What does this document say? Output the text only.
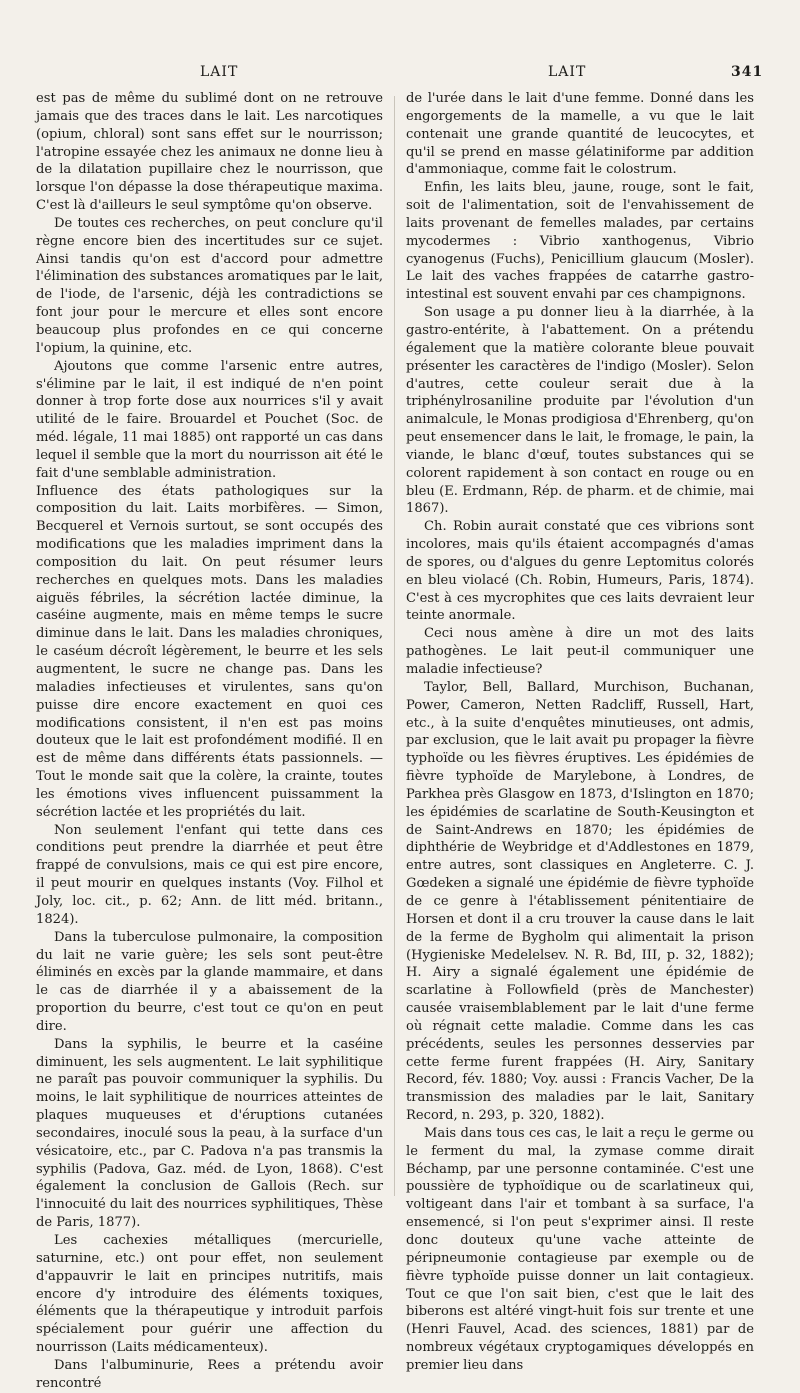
LAIT	LAIT	341

est pas de même du sublimé dont on ne retrouve jamais que des traces dans le lait. Les narcotiques (opium, chloral) sont sans effet sur le nourrisson; l'atropine essayée chez les animaux ne donne lieu à de la dilatation pupillaire chez le nourrisson, que lorsque l'on dépasse la dose thérapeutique maxima. C'est là d'ailleurs le seul symptôme qu'on observe.

De toutes ces recherches, on peut conclure qu'il règne encore bien des incertitudes sur ce sujet. Ainsi tandis qu'on est d'accord pour admettre l'élimination des substances aromatiques par le lait, de l'iode, de l'arsenic, déjà les contradictions se font jour pour le mercure et elles sont encore beaucoup plus profondes en ce qui concerne l'opium, la quinine, etc.

Ajoutons que comme l'arsenic entre autres, s'élimine par le lait, il est indiqué de n'en point donner à trop forte dose aux nourrices s'il y avait utilité de le faire. Brouardel et Pouchet (Soc. de méd. légale, 11 mai 1885) ont rapporté un cas dans lequel il semble que la mort du nourrisson ait été le fait d'une semblable administration.

Influence des états pathologiques sur la composition du lait. Laits morbifères. — Simon, Becquerel et Vernois surtout, se sont occupés des modifications que les maladies impriment dans la composition du lait. On peut résumer leurs recherches en quelques mots. Dans les maladies aiguës fébriles, la sécrétion lactée diminue, la caséine augmente, mais en même temps le sucre diminue dans le lait. Dans les maladies chroniques, le caséum décroît légèrement, le beurre et les sels augmentent, le sucre ne change pas. Dans les maladies infectieuses et virulentes, sans qu'on puisse dire encore exactement en quoi ces modifications consistent, il n'en est pas moins douteux que le lait est profondément modifié. Il en est de même dans différents états passionnels. — Tout le monde sait que la colère, la crainte, toutes les émotions vives influencent puissamment la sécrétion lactée et les propriétés du lait.

Non seulement l'enfant qui tette dans ces conditions peut prendre la diarrhée et peut être frappé de convulsions, mais ce qui est pire encore, il peut mourir en quelques instants (Voy. Filhol et Joly, loc. cit., p. 62; Ann. de litt méd. britann., 1824).

Dans la tuberculose pulmonaire, la composition du lait ne varie guère; les sels sont peut-être éliminés en excès par la glande mammaire, et dans le cas de diarrhée il y a abaissement de la proportion du beurre, c'est tout ce qu'on en peut dire.

Dans la syphilis, le beurre et la caséine diminuent, les sels augmentent. Le lait syphilitique ne paraît pas pouvoir communiquer la syphilis. Du moins, le lait syphilitique de nourrices atteintes de plaques muqueuses et d'éruptions cutanées secondaires, inoculé sous la peau, à la surface d'un vésicatoire, etc., par C. Padova n'a pas transmis la syphilis (Padova, Gaz. méd. de Lyon, 1868). C'est également la conclusion de Gallois (Rech. sur l'innocuité du lait des nourrices syphilitiques, Thèse de Paris, 1877).

Les cachexies métalliques (mercurielle, saturnine, etc.) ont pour effet, non seulement d'appauvrir le lait en principes nutritifs, mais encore d'y introduire des éléments toxiques, éléments que la thérapeutique y introduit parfois spécialement pour guérir une affection du nourrisson (Laits médicamenteux).

Dans l'albuminurie, Rees a prétendu avoir rencontré

de l'urée dans le lait d'une femme. Donné dans les engorgements de la mamelle, a vu que le lait contenait une grande quantité de leucocytes, et qu'il se prend en masse gélatiniforme par addition d'ammoniaque, comme fait le colostrum.

Enfin, les laits bleu, jaune, rouge, sont le fait, soit de l'alimentation, soit de l'envahissement de laits provenant de femelles malades, par certains mycodermes : Vibrio xanthogenus, Vibrio cyanogenus (Fuchs), Penicillium glaucum (Mosler). Le lait des vaches frappées de catarrhe gastro-intestinal est souvent envahi par ces champignons.

Son usage a pu donner lieu à la diarrhée, à la gastro-entérite, à l'abattement. On a prétendu également que la matière colorante bleue pouvait présenter les caractères de l'indigo (Mosler). Selon d'autres, cette couleur serait due à la triphénylrosaniline produite par l'évolution d'un animalcule, le Monas prodigiosa d'Ehrenberg, qu'on peut ensemencer dans le lait, le fromage, le pain, la viande, le blanc d'œuf, toutes substances qui se colorent rapidement à son contact en rouge ou en bleu (E. Erdmann, Rép. de pharm. et de chimie, mai 1867).

Ch. Robin aurait constaté que ces vibrions sont incolores, mais qu'ils étaient accompagnés d'amas de spores, ou d'algues du genre Leptomitus colorés en bleu violacé (Ch. Robin, Humeurs, Paris, 1874). C'est à ces mycrophites que ces laits devraient leur teinte anormale.

Ceci nous amène à dire un mot des laits pathogènes. Le lait peut-il communiquer une maladie infectieuse?

Taylor, Bell, Ballard, Murchison, Buchanan, Power, Cameron, Netten Radcliff, Russell, Hart, etc., à la suite d'enquêtes minutieuses, ont admis, par exclusion, que le lait avait pu propager la fièvre typhoïde ou les fièvres éruptives. Les épidémies de fièvre typhoïde de Marylebone, à Londres, de Parkhea près Glasgow en 1873, d'Islington en 1870; les épidémies de scarlatine de South-Keusington et de Saint-Andrews en 1870; les épidémies de diphthérie de Weybridge et d'Addlestones en 1879, entre autres, sont classiques en Angleterre. C. J. Gœdeken a signalé une épidémie de fièvre typhoïde de ce genre à l'établissement pénitentiaire de Horsen et dont il a cru trouver la cause dans le lait de la ferme de Bygholm qui alimentait la prison (Hygieniske Medelelsev. N. R. Bd, III, p. 32, 1882); H. Airy a signalé également une épidémie de scarlatine à Followfield (près de Manchester) causée vraisemblablement par le lait d'une ferme où régnait cette maladie. Comme dans les cas précédents, seules les personnes desservies par cette ferme furent frappées (H. Airy, Sanitary Record, fév. 1880; Voy. aussi : Francis Vacher, De la transmission des maladies par le lait, Sanitary Record, n. 293, p. 320, 1882).

Mais dans tous ces cas, le lait a reçu le germe ou le ferment du mal, la zymase comme dirait Béchamp, par une personne contaminée. C'est une poussière de typhoïdique ou de scarlatineux qui, voltigeant dans l'air et tombant à sa surface, l'a ensemencé, si l'on peut s'exprimer ainsi. Il reste donc douteux qu'une vache atteinte de péripneumonie contagieuse par exemple ou de fièvre typhoïde puisse donner un lait contagieux. Tout ce que l'on sait bien, c'est que le lait des biberons est altéré vingt-huit fois sur trente et une (Henri Fauvel, Acad. des sciences, 1881) par de nombreux végétaux cryptogamiques développés en premier lieu dans
